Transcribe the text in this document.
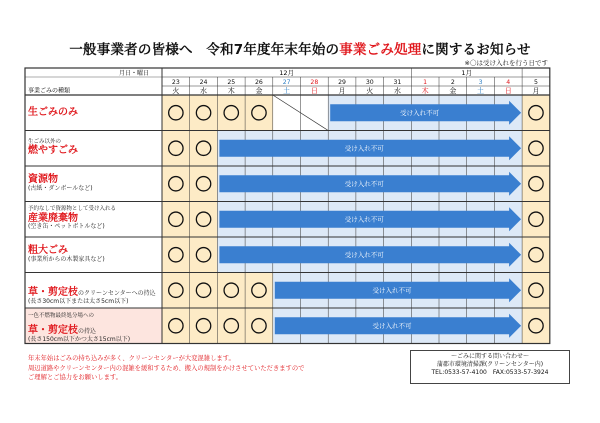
一般事業者の皆様へ　令和7年度年末年始の事業ごみ処理に関するお知らせ
※〇は受け入れを行う日です
月日・曜日
事業ごみの種類
12月	1月
23
火
24
水
25
木
26
金
27
土
28
日
29
月
30
火
31
水
1
木
2
金
3
土
4
日
5
月
受け入れ不可
受け入れ不可
受け入れ不可
受け入れ不可
受け入れ不可
受け入れ不可
受け入れ不可
年末年始はごみの持ち込みが多く、クリーンセンターが大変混雑します。
周辺道路やクリーンセンター内の混雑を緩和するため、搬入の規制をかけさせていただきますので
ご理解とご協力をお願いします。
〜ごみに関する問い合わせ〜
蒲郡市環境清掃課(クリーンセンター内)
TEL:0533-57-4100　FAX:0533-57-3924
生ごみのみ
生ごみ以外の
燃やすごみ
資源物
(古紙・ダンボールなど)
予約なしで資源物として受け入れる
産業廃棄物
(空き缶・ペットボトルなど)
粗大ごみ
(事業所からの木製家具など)
草・剪定枝のクリーンセンターへの持込
(長さ30cm以下または太さ5cm以下)
一色不燃物最終処分場への
草・剪定枝の持込
(長さ150cm以下かつ太さ15cm以下)
